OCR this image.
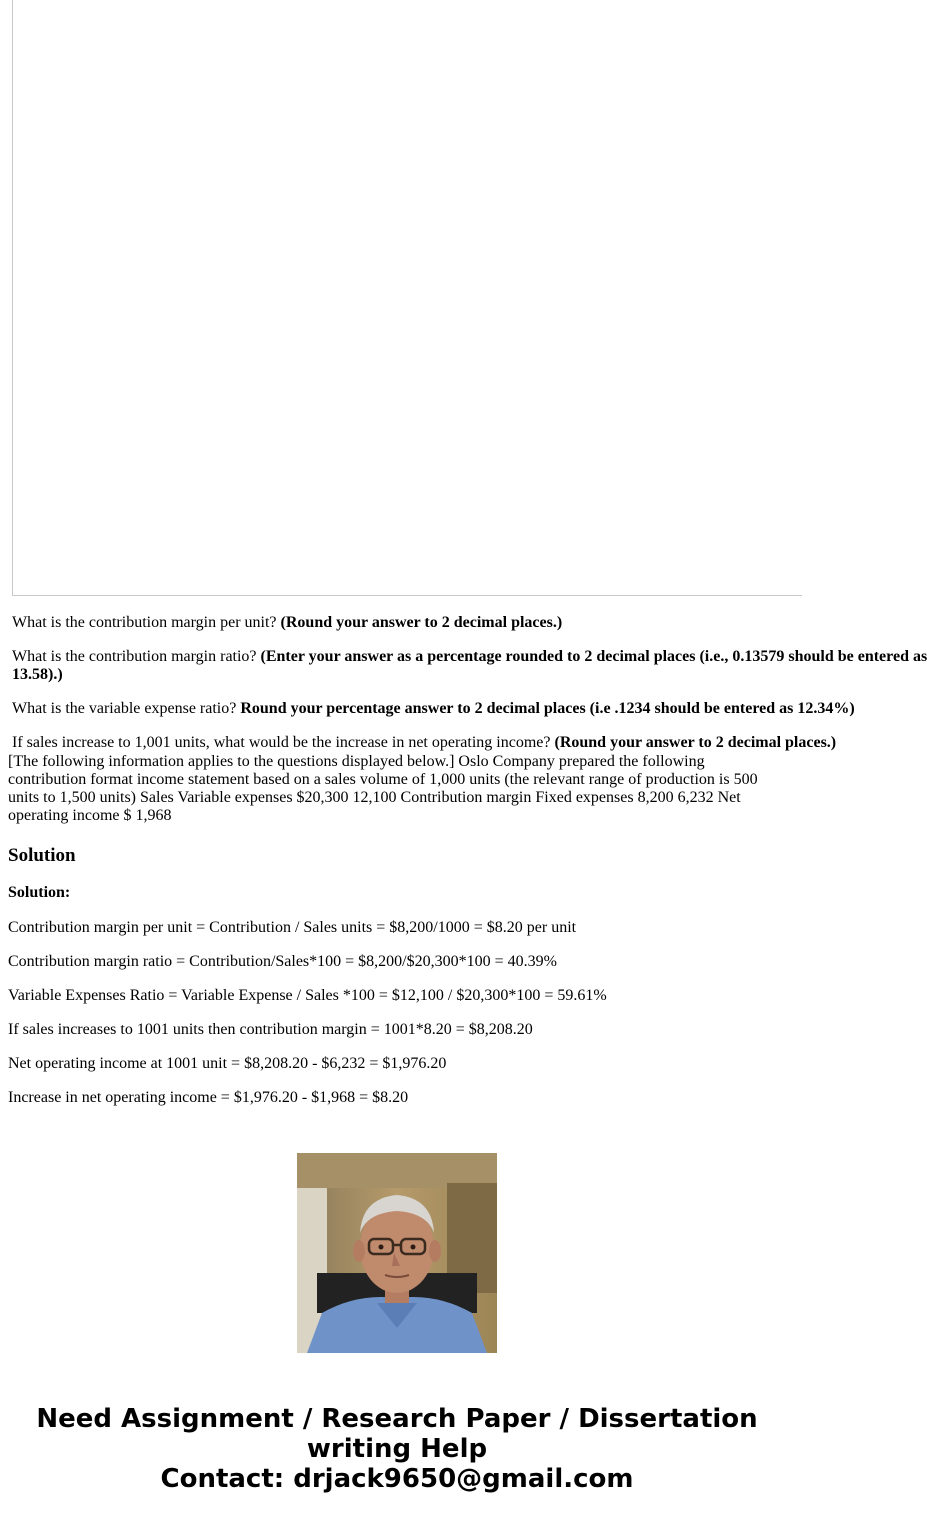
What is the contribution margin per unit? (Round your answer to 2 decimal places.)
What is the contribution margin ratio? (Enter your answer as a percentage rounded to 2 decimal places (i.e., 0.13579 should be entered as
13.58).)
What is the variable expense ratio? Round your percentage answer to 2 decimal places (i.e .1234 should be entered as 12.34%)
If sales increase to 1,001 units, what would be the increase in net operating income? (Round your answer to 2 decimal places.)
[The following information applies to the questions displayed below.] Oslo Company prepared the following contribution format income statement based on a sales volume of 1,000 units (the relevant range of production is 500 units to 1,500 units) Sales Variable expenses $20,300 12,100 Contribution margin Fixed expenses 8,200 6,232 Net operating income $ 1,968
Solution
Solution:
Contribution margin per unit = Contribution / Sales units = $8,200/1000 = $8.20 per unit
Contribution margin ratio = Contribution/Sales*100 = $8,200/$20,300*100 = 40.39%
Variable Expenses Ratio = Variable Expense / Sales *100 = $12,100 / $20,300*100 = 59.61%
If sales increases to 1001 units then contribution margin = 1001*8.20 = $8,208.20
Net operating income at 1001 unit = $8,208.20 - $6,232 = $1,976.20
Increase in net operating income = $1,976.20 - $1,968 = $8.20
Need Assignment / Research Paper / Dissertation
writing Help
Contact: drjack9650@gmail.com
